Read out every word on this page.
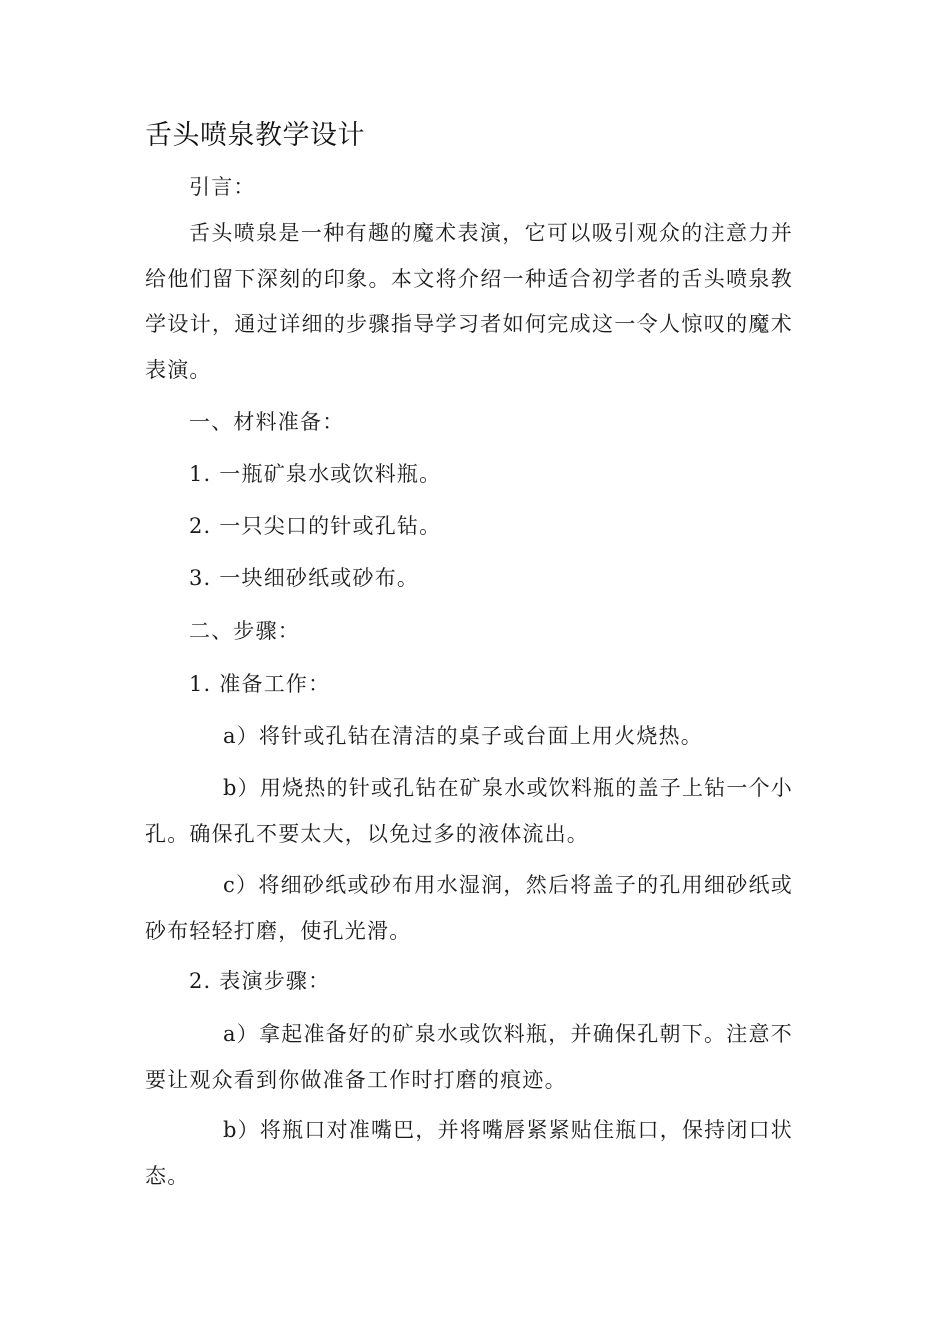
舌头喷泉教学设计

引言：

舌头喷泉是一种有趣的魔术表演，它可以吸引观众的注意力并给他们留下深刻的印象。本文将介绍一种适合初学者的舌头喷泉教学设计，通过详细的步骤指导学习者如何完成这一令人惊叹的魔术表演。

一、材料准备：

1. 一瓶矿泉水或饮料瓶。

2. 一只尖口的针或孔钻。

3. 一块细砂纸或砂布。

二、步骤：

1. 准备工作：

a）将针或孔钻在清洁的桌子或台面上用火烧热。

b）用烧热的针或孔钻在矿泉水或饮料瓶的盖子上钻一个小孔。确保孔不要太大，以免过多的液体流出。

c）将细砂纸或砂布用水湿润，然后将盖子的孔用细砂纸或砂布轻轻打磨，使孔光滑。

2. 表演步骤：

a）拿起准备好的矿泉水或饮料瓶，并确保孔朝下。注意不要让观众看到你做准备工作时打磨的痕迹。

b）将瓶口对准嘴巴，并将嘴唇紧紧贴住瓶口，保持闭口状态。
